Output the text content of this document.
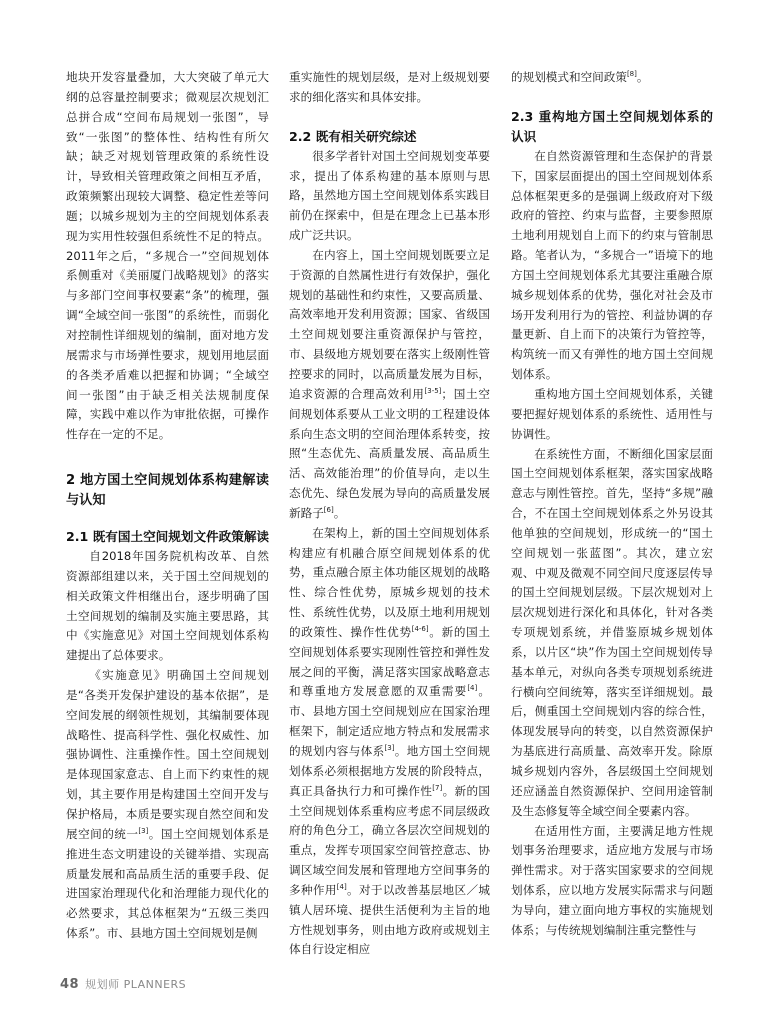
地块开发容量叠加，大大突破了单元大纲的总容量控制要求；微观层次规划汇总拼合成“空间布局规划一张图”，导致“一张图”的整体性、结构性有所欠缺；缺乏对规划管理政策的系统性设计，导致相关管理政策之间相互矛盾，政策频繁出现较大调整、稳定性差等问题；以城乡规划为主的空间规划体系表现为实用性较强但系统性不足的特点。2011年之后，“多规合一”空间规划体系侧重对《美丽厦门战略规划》的落实与多部门空间事权要素“条”的梳理，强调“全域空间一张图”的系统性，而弱化对控制性详细规划的编制，面对地方发展需求与市场弹性要求，规划用地层面的各类矛盾难以把握和协调；“全域空间一张图”由于缺乏相关法规制度保障，实践中难以作为审批依据，可操作性存在一定的不足。

2 地方国土空间规划体系构建解读与认知
2.1 既有国土空间规划文件政策解读

自2018年国务院机构改革、自然资源部组建以来，关于国土空间规划的相关政策文件相继出台，逐步明确了国土空间规划的编制及实施主要思路，其中《实施意见》对国土空间规划体系构建提出了总体要求。

《实施意见》明确国土空间规划是“各类开发保护建设的基本依据”，是空间发展的纲领性规划，其编制要体现战略性、提高科学性、强化权威性、加强协调性、注重操作性。国土空间规划是体现国家意志、自上而下约束性的规划，其主要作用是构建国土空间开发与保护格局，本质是要实现自然空间和发展空间的统一[3]。国土空间规划体系是推进生态文明建设的关键举措、实现高质量发展和高品质生活的重要手段、促进国家治理现代化和治理能力现代化的必然要求，其总体框架为“五级三类四体系”。市、县地方国土空间规划是侧

重实施性的规划层级，是对上级规划要求的细化落实和具体安排。

2.2 既有相关研究综述

很多学者针对国土空间规划变革要求，提出了体系构建的基本原则与思路，虽然地方国土空间规划体系实践目前仍在探索中，但是在理念上已基本形成广泛共识。

在内容上，国土空间规划既要立足于资源的自然属性进行有效保护，强化规划的基础性和约束性，又要高质量、高效率地开发利用资源；国家、省级国土空间规划要注重资源保护与管控，市、县级地方规划要在落实上级刚性管控要求的同时，以高质量发展为目标，追求资源的合理高效利用[3-5]；国土空间规划体系要从工业文明的工程建设体系向生态文明的空间治理体系转变，按照“生态优先、高质量发展、高品质生活、高效能治理”的价值导向，走以生态优先、绿色发展为导向的高质量发展新路子[6]。

在架构上，新的国土空间规划体系构建应有机融合原空间规划体系的优势，重点融合原主体功能区规划的战略性、综合性优势，原城乡规划的技术性、系统性优势，以及原土地利用规划的政策性、操作性优势[4-6]。新的国土空间规划体系要实现刚性管控和弹性发展之间的平衡，满足落实国家战略意志和尊重地方发展意愿的双重需要[4]。市、县地方国土空间规划应在国家治理框架下，制定适应地方特点和发展需求的规划内容与体系[3]。地方国土空间规划体系必须根据地方发展的阶段特点，真正具备执行力和可操作性[7]。新的国土空间规划体系重构应考虑不同层级政府的角色分工，确立各层次空间规划的重点，发挥专项国家空间管控意志、协调区域空间发展和管理地方空间事务的多种作用[4]。对于以改善基层地区／城镇人居环境、提供生活便利为主旨的地方性规划事务，则由地方政府或规划主体自行设定相应

的规划模式和空间政策[8]。

2.3 重构地方国土空间规划体系的认识

在自然资源管理和生态保护的背景下，国家层面提出的国土空间规划体系总体框架更多的是强调上级政府对下级政府的管控、约束与监督，主要参照原土地利用规划自上而下的约束与管制思路。笔者认为，“多规合一”语境下的地方国土空间规划体系尤其要注重融合原城乡规划体系的优势，强化对社会及市场开发利用行为的管控、利益协调的存量更新、自上而下的决策行为管控等，构筑统一而又有弹性的地方国土空间规划体系。

重构地方国土空间规划体系，关键要把握好规划体系的系统性、适用性与协调性。

在系统性方面，不断细化国家层面国土空间规划体系框架，落实国家战略意志与刚性管控。首先，坚持“多规”融合，不在国土空间规划体系之外另设其他单独的空间规划，形成统一的“国土空间规划一张蓝图”。其次，建立宏观、中观及微观不同空间尺度逐层传导的国土空间规划层级。下层次规划对上层次规划进行深化和具体化，针对各类专项规划系统，并借鉴原城乡规划体系，以片区“块”作为国土空间规划传导基本单元，对纵向各类专项规划系统进行横向空间统筹，落实至详细规划。最后，侧重国土空间规划内容的综合性，体现发展导向的转变，以自然资源保护为基底进行高质量、高效率开发。除原城乡规划内容外，各层级国土空间规划还应涵盖自然资源保护、空间用途管制及生态修复等全域空间全要素内容。

在适用性方面，主要满足地方性规划事务治理要求，适应地方发展与市场弹性需求。对于落实国家要求的空间规划体系，应以地方发展实际需求与问题为导向，建立面向地方事权的实施规划体系；与传统规划编制注重完整性与

48 规划师 PLANNERS
